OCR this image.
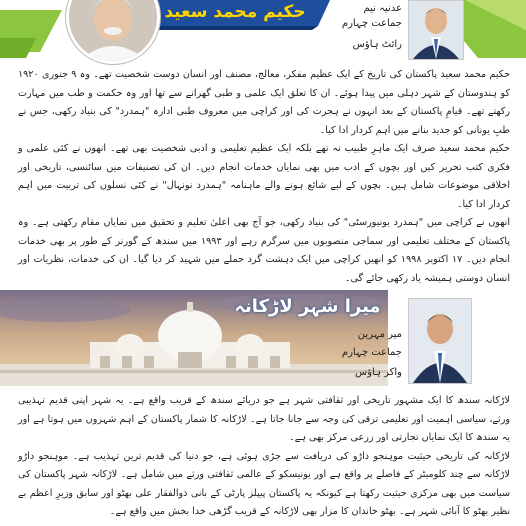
حکیم محمد سعید	عدنیہ نیم
جماعت چہارم
رائٹ ہاؤس

حکیم محمد سعید پاکستان کی تاریخ کے ایک عظیم مفکر، معالج، مصنف اور انسان دوست شخصیت تھے۔ وہ ۹ جنوری ۱۹۲۰ کو ہندوستان کے شہر دہلی میں پیدا ہوئے۔ ان کا تعلق ایک علمی و طبی گھرانے سے تھا اور وہ حکمت و طب میں مہارت رکھتے تھے۔ قیامِ پاکستان کے بعد انہوں نے ہجرت کی اور کراچی میں معروف طبی ادارہ "ہمدرد" کی بنیاد رکھی، جس نے طبِ یونانی کو جدید بنانے میں اہم کردار ادا کیا۔

حکیم محمد سعید صرف ایک ماہرِ طبیب نہ تھے بلکہ ایک عظیم تعلیمی و ادبی شخصیت بھی تھے۔ انھوں نے کئی علمی و فکری کتب تحریر کیں اور بچوں کے ادب میں بھی نمایاں خدمات انجام دیں۔ ان کی تصنیفات میں سائنسی، تاریخی اور اخلاقی موضوعات شامل ہیں۔ بچوں کے لیے شائع ہونے والے ماہنامہ "ہمدرد نونہال" نے کئی نسلوں کی تربیت میں اہم کردار ادا کیا۔

انھوں نے کراچی میں "ہمدرد یونیورسٹی" کی بنیاد رکھی، جو آج بھی اعلیٰ تعلیم و تحقیق میں نمایاں مقام رکھتی ہے۔ وہ پاکستان کے مختلف تعلیمی اور سماجی منصوبوں میں سرگرم رہے اور ۱۹۹۳ میں سندھ کے گورنر کے طور پر بھی خدمات انجام دیں۔ ۱۷ اکتوبر ۱۹۹۸ کو انھیں کراچی میں ایک دہشت گرد حملے میں شہید کر دیا گیا۔ ان کی خدمات، نظریات اور انسان دوستی ہمیشہ یاد رکھی جائے گی۔

میرا شہر لاڑکانہ
میر مہرین
جماعت چہارم
واکر ہاؤس

لاڑکانہ سندھ کا ایک مشہور تاریخی اور ثقافتی شہر ہے جو دریائے سندھ کے قریب واقع ہے۔ یہ شہر اپنی قدیم تہذیبی ورثے، سیاسی اہمیت اور تعلیمی ترقی کی وجہ سے جانا جاتا ہے۔ لاڑکانہ کا شمار پاکستان کے اہم شہروں میں ہوتا ہے اور یہ سندھ کا ایک نمایاں تجارتی اور زرعی مرکز بھی ہے۔

لاڑکانہ کی تاریخی حیثیت موہنجو داڑو کی دریافت سے جڑی ہوئی ہے، جو دنیا کی قدیم ترین تہذیب ہے۔ موہنجو داڑو لاڑکانہ سے چند کلومیٹر کے فاصلے پر واقع ہے اور یونیسکو کے عالمی ثقافتی ورثے میں شامل ہے۔ لاڑکانہ شہر پاکستان کی سیاست میں بھی مرکزی حیثیت رکھتا ہے کیونکہ یہ پاکستان پیپلز پارٹی کے بانی ذوالفقار علی بھٹو اور سابق وزیرِ اعظم بے نظیر بھٹو کا آبائی شہر ہے۔ بھٹو خاندان کا مزار بھی لاڑکانہ کے قریب گڑھی خدا بخش میں واقع ہے۔
